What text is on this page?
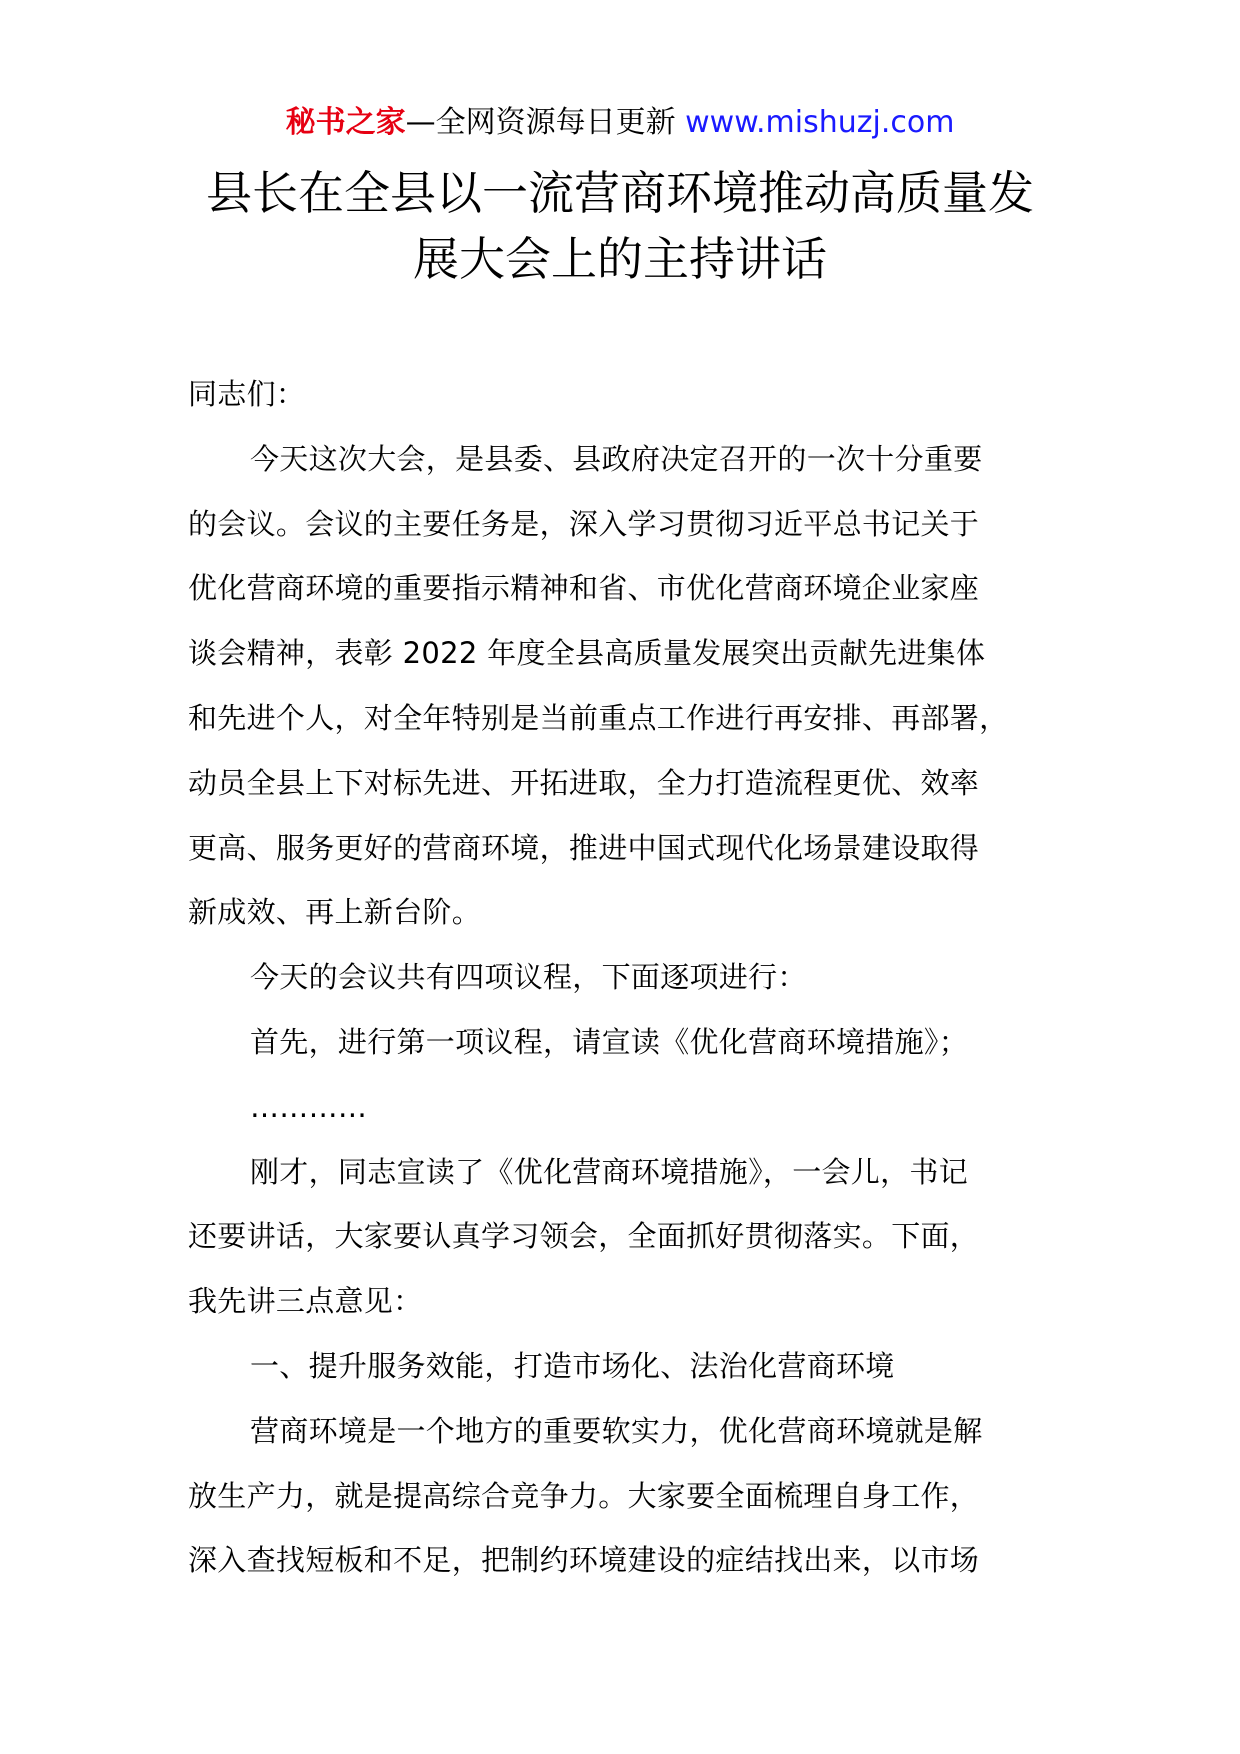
秘书之家—全网资源每日更新 www.mishuzj.com
县长在全县以一流营商环境推动高质量发
展大会上的主持讲话
同志们：
今天这次大会，是县委、县政府决定召开的一次十分重要
的会议。会议的主要任务是，深入学习贯彻习近平总书记关于
优化营商环境的重要指示精神和省、市优化营商环境企业家座
谈会精神，表彰 2022 年度全县高质量发展突出贡献先进集体
和先进个人，对全年特别是当前重点工作进行再安排、再部署，
动员全县上下对标先进、开拓进取，全力打造流程更优、效率
更高、服务更好的营商环境，推进中国式现代化场景建设取得
新成效、再上新台阶。
今天的会议共有四项议程，下面逐项进行：
首先，进行第一项议程，请宣读《优化营商环境措施》；
…………
刚才，同志宣读了《优化营商环境措施》，一会儿，书记
还要讲话，大家要认真学习领会，全面抓好贯彻落实。下面，
我先讲三点意见：
一、提升服务效能，打造市场化、法治化营商环境
营商环境是一个地方的重要软实力，优化营商环境就是解
放生产力，就是提高综合竞争力。大家要全面梳理自身工作，
深入查找短板和不足，把制约环境建设的症结找出来，以市场
